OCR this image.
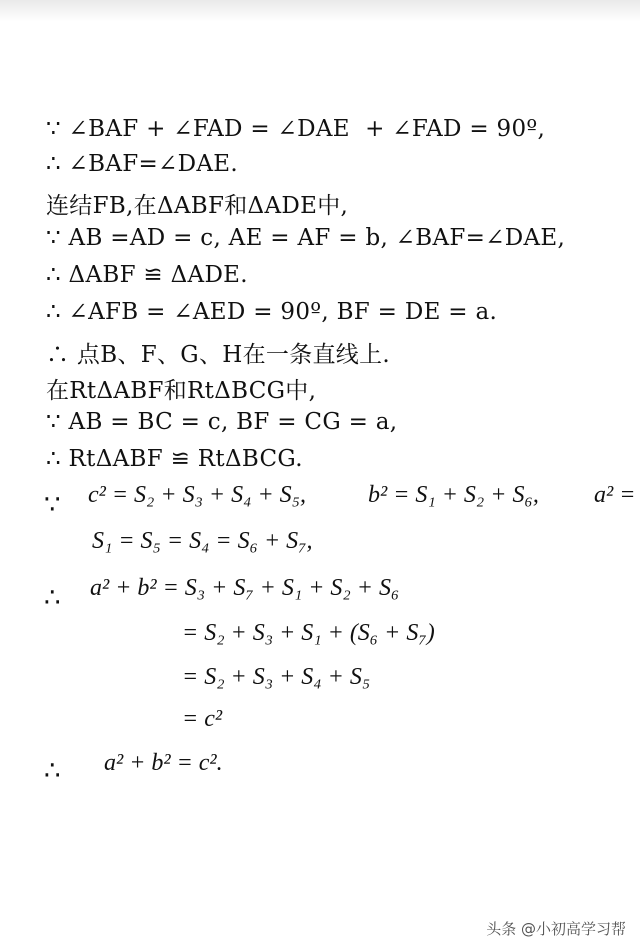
∵ ∠BAF + ∠FAD = ∠DAE  + ∠FAD = 90º,
∴ ∠BAF=∠DAE.
连结FB,在ΔABF和ΔADE中,
∵ AB =AD = c, AE = AF = b, ∠BAF=∠DAE,
∴ ΔABF ≌ ΔADE.
∴ ∠AFB = ∠AED = 90º, BF = DE = a.
∴ 点B、F、G、H在一条直线上.
在RtΔABF和RtΔBCG中,
∵ AB = BC = c, BF = CG = a,
∴ RtΔABF ≌ RtΔBCG.
∵ c² = S₂ + S₃ + S₄ + S₅,	b² = S₁ + S₂ + S₆, a² =
S₁ = S₅ = S₄ = S₆ + S₇,
∴ a² + b² = S₃ + S₇ + S₁ + S₂ + S₆
= S₂ + S₃ + S₁ + (S₆ + S₇)
= S₂ + S₃ + S₄ + S₅
= c²
∴ a² + b² = c².
头条 @小初高学习帮
